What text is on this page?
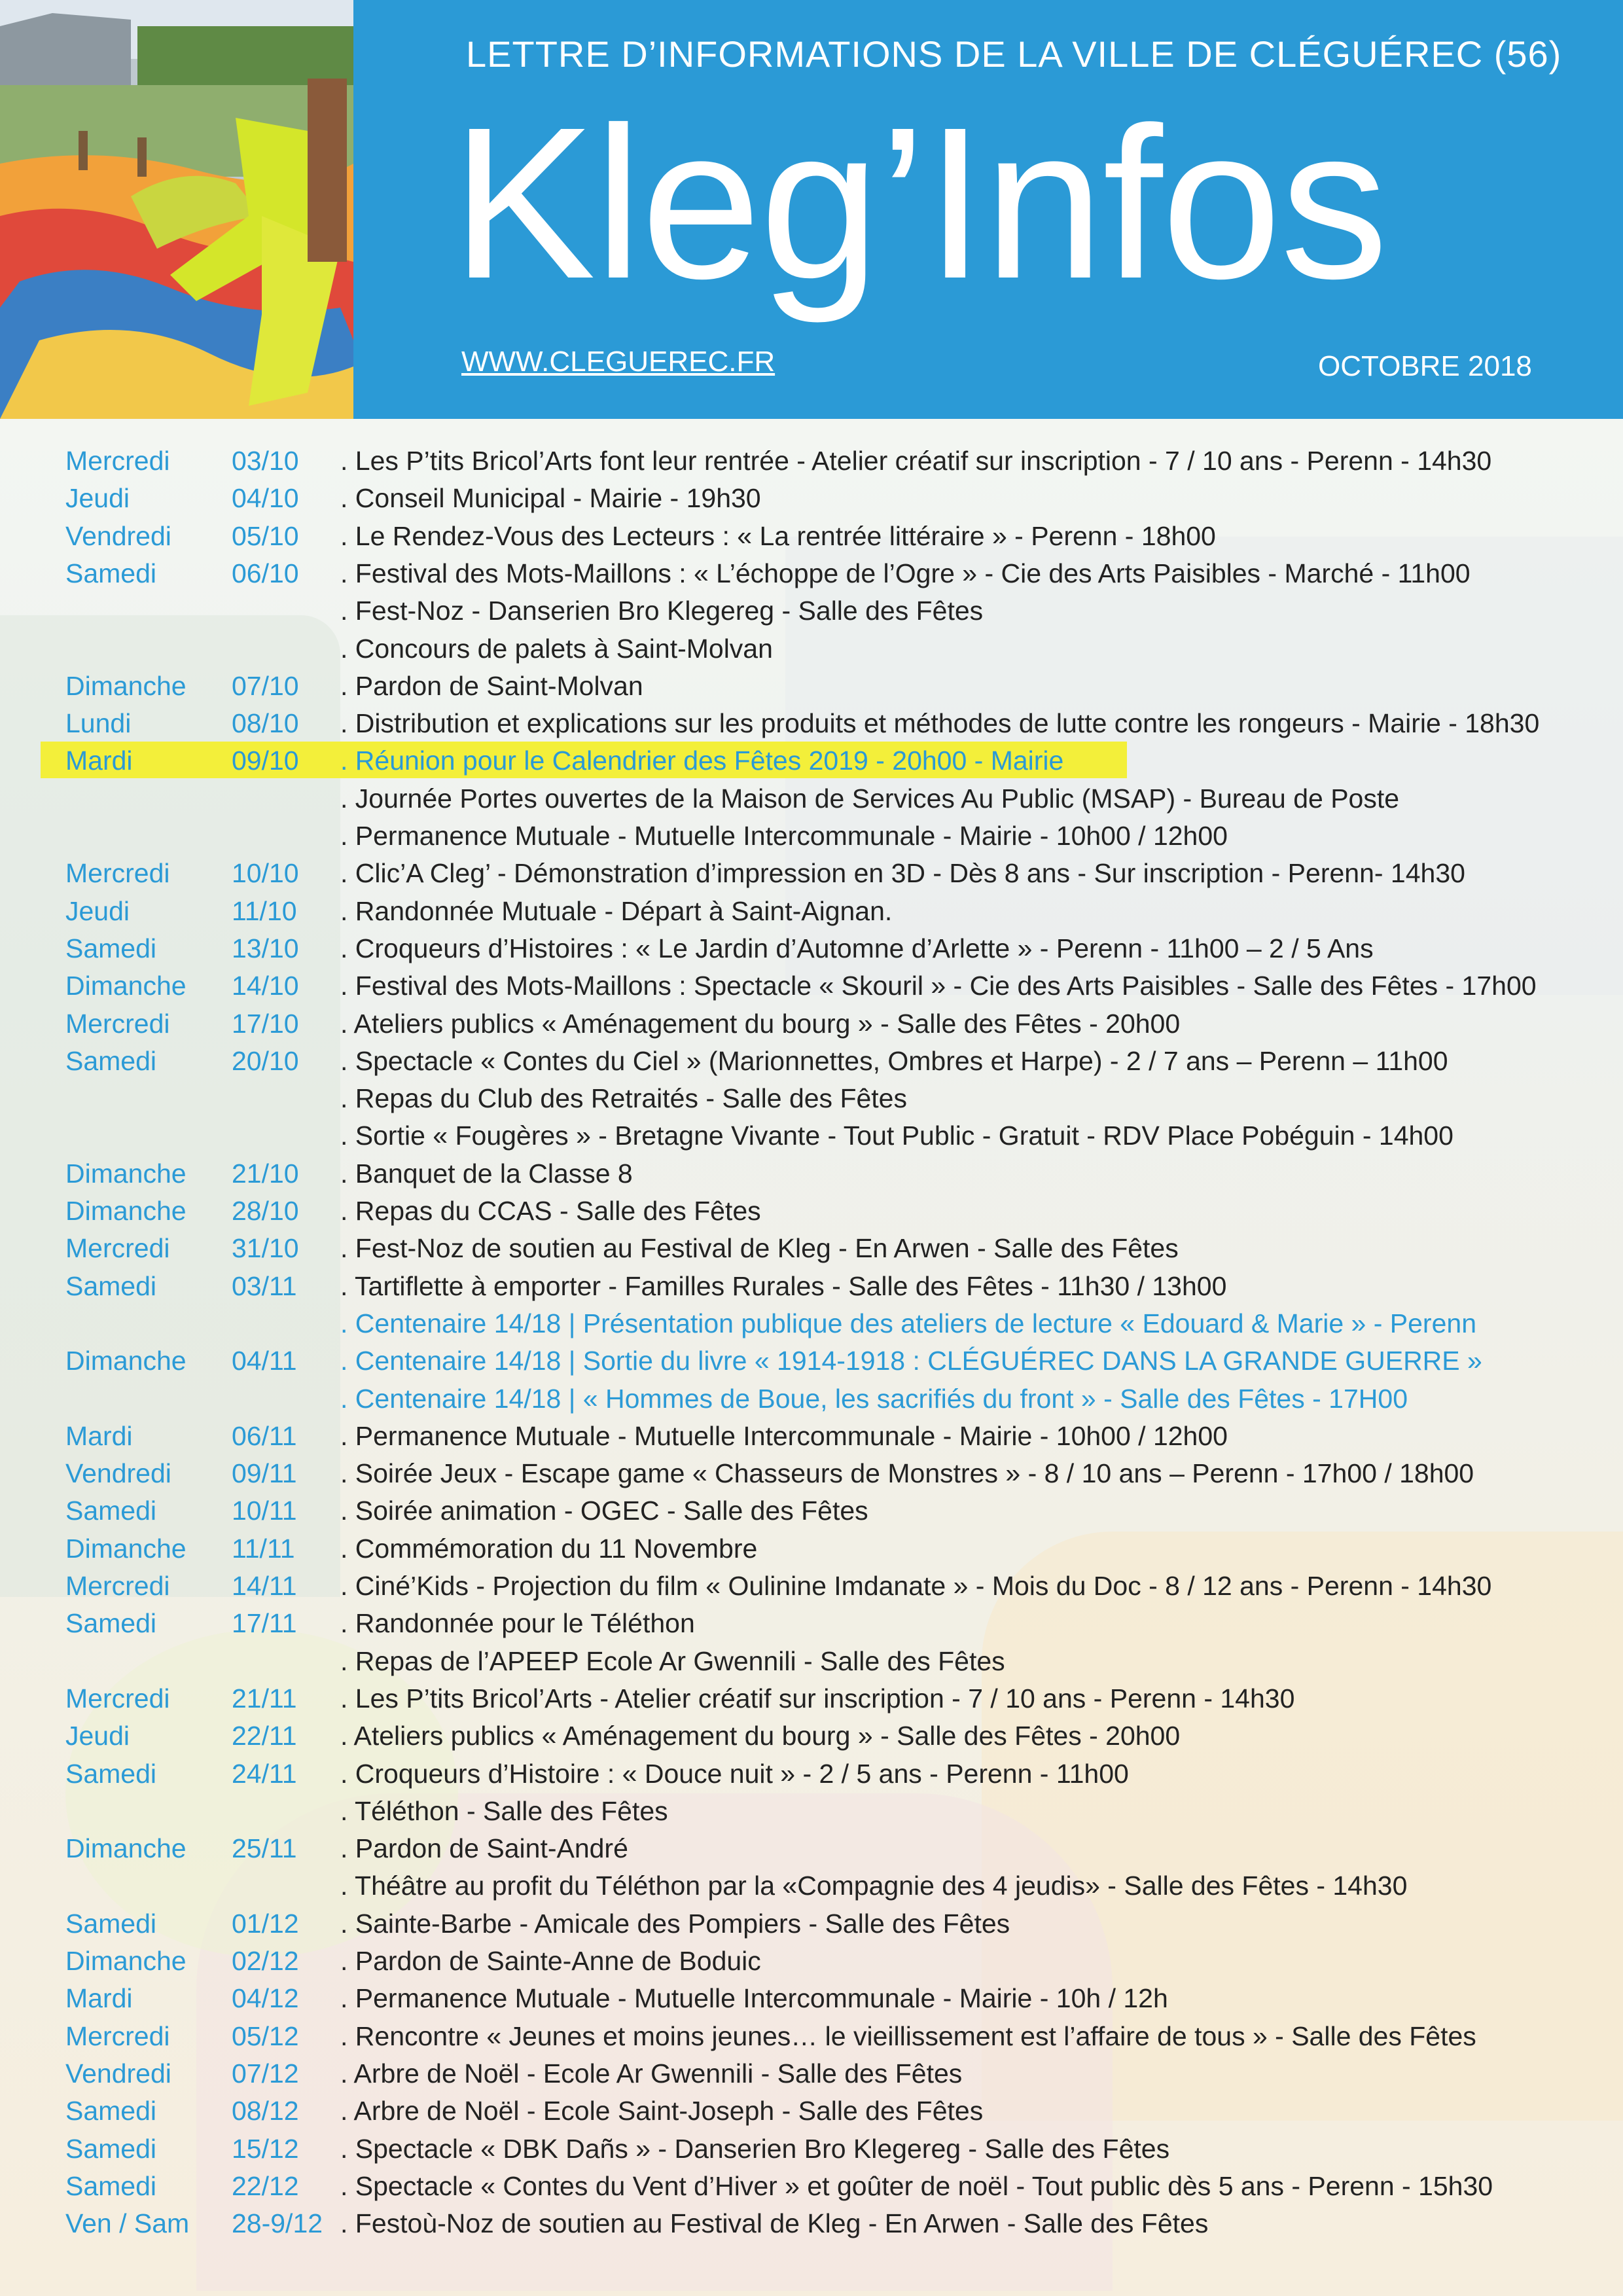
LETTRE D’INFORMATIONS DE LA VILLE DE CLÉGUÉREC (56)
Kleg’Infos
WWW.CLEGUEREC.FR	OCTOBRE 2018
Mercredi 03/10 . Les P’tits Bricol’Arts font leur rentrée - Atelier créatif sur inscription - 7 / 10 ans - Perenn - 14h30
Jeudi	04/10 . Conseil Municipal - Mairie - 19h30
Vendredi 05/10 . Le Rendez-Vous des Lecteurs : « La rentrée littéraire » - Perenn - 18h00
Samedi	06/10 . Festival des Mots-Maillons : « L’échoppe de l’Ogre » - Cie des Arts Paisibles - Marché - 11h00
. Fest-Noz - Danserien Bro Klegereg - Salle des Fêtes
. Concours de palets à Saint-Molvan
Dimanche 07/10 . Pardon de Saint-Molvan
Lundi	08/10 . Distribution et explications sur les produits et méthodes de lutte contre les rongeurs - Mairie - 18h30
Mardi	09/10 . Réunion pour le Calendrier des Fêtes 2019 - 20h00 - Mairie
. Journée Portes ouvertes de la Maison de Services Au Public (MSAP) - Bureau de Poste
. Permanence Mutuale - Mutuelle Intercommunale - Mairie - 10h00 / 12h00
Mercredi 10/10 . Clic’A Cleg’ - Démonstration d’impression en 3D - Dès 8 ans - Sur inscription - Perenn- 14h30
Jeudi	11/10 . Randonnée Mutuale - Départ à Saint-Aignan.
Samedi	13/10 . Croqueurs d’Histoires : « Le Jardin d’Automne d’Arlette » - Perenn - 11h00 – 2 / 5 Ans
Dimanche 14/10 . Festival des Mots-Maillons : Spectacle « Skouril » - Cie des Arts Paisibles - Salle des Fêtes - 17h00
Mercredi 17/10 . Ateliers publics « Aménagement du bourg » - Salle des Fêtes - 20h00
Samedi	20/10 . Spectacle « Contes du Ciel » (Marionnettes, Ombres et Harpe) - 2 / 7 ans – Perenn – 11h00
. Repas du Club des Retraités - Salle des Fêtes
. Sortie « Fougères » - Bretagne Vivante - Tout Public - Gratuit - RDV Place Pobéguin - 14h00
Dimanche 21/10 . Banquet de la Classe 8
Dimanche 28/10 . Repas du CCAS - Salle des Fêtes
Mercredi 31/10 . Fest-Noz de soutien au Festival de Kleg - En Arwen - Salle des Fêtes
Samedi	03/11 . Tartiflette à emporter - Familles Rurales - Salle des Fêtes - 11h30 / 13h00
. Centenaire 14/18 | Présentation publique des ateliers de lecture « Edouard & Marie » - Perenn
Dimanche 04/11 . Centenaire 14/18 | Sortie du livre « 1914-1918 : CLÉGUÉREC DANS LA GRANDE GUERRE »
. Centenaire 14/18 | « Hommes de Boue, les sacrifiés du front » - Salle des Fêtes - 17H00
Mardi	06/11 . Permanence Mutuale - Mutuelle Intercommunale - Mairie - 10h00 / 12h00
Vendredi 09/11 . Soirée Jeux - Escape game « Chasseurs de Monstres » - 8 / 10 ans – Perenn - 17h00 / 18h00
Samedi	10/11 . Soirée animation - OGEC - Salle des Fêtes
Dimanche 11/11 . Commémoration du 11 Novembre
Mercredi 14/11 . Ciné’Kids - Projection du film « Oulinine Imdanate » - Mois du Doc - 8 / 12 ans - Perenn - 14h30
Samedi	17/11 . Randonnée pour le Téléthon
. Repas de l’APEEP Ecole Ar Gwennili - Salle des Fêtes
Mercredi 21/11 . Les P’tits Bricol’Arts - Atelier créatif sur inscription - 7 / 10 ans - Perenn - 14h30
Jeudi	22/11 . Ateliers publics « Aménagement du bourg » - Salle des Fêtes - 20h00
Samedi	24/11 . Croqueurs d’Histoire : « Douce nuit » - 2 / 5 ans - Perenn - 11h00
. Téléthon - Salle des Fêtes
Dimanche 25/11 . Pardon de Saint-André
. Théâtre au profit du Téléthon par la «Compagnie des 4 jeudis» - Salle des Fêtes - 14h30
Samedi	01/12 . Sainte-Barbe - Amicale des Pompiers - Salle des Fêtes
Dimanche 02/12 . Pardon de Sainte-Anne de Boduic
Mardi	04/12 . Permanence Mutuale - Mutuelle Intercommunale - Mairie - 10h / 12h
Mercredi 05/12 . Rencontre « Jeunes et moins jeunes… le vieillissement est l’affaire de tous » - Salle des Fêtes
Vendredi 07/12 . Arbre de Noël - Ecole Ar Gwennili - Salle des Fêtes
Samedi	08/12 . Arbre de Noël - Ecole Saint-Joseph - Salle des Fêtes
Samedi	15/12 . Spectacle « DBK Dañs » - Danserien Bro Klegereg - Salle des Fêtes
Samedi	22/12 . Spectacle « Contes du Vent d’Hiver » et goûter de noël - Tout public dès 5 ans - Perenn - 15h30
Ven / Sam 28-9/12 . Festoù-Noz de soutien au Festival de Kleg - En Arwen - Salle des Fêtes
